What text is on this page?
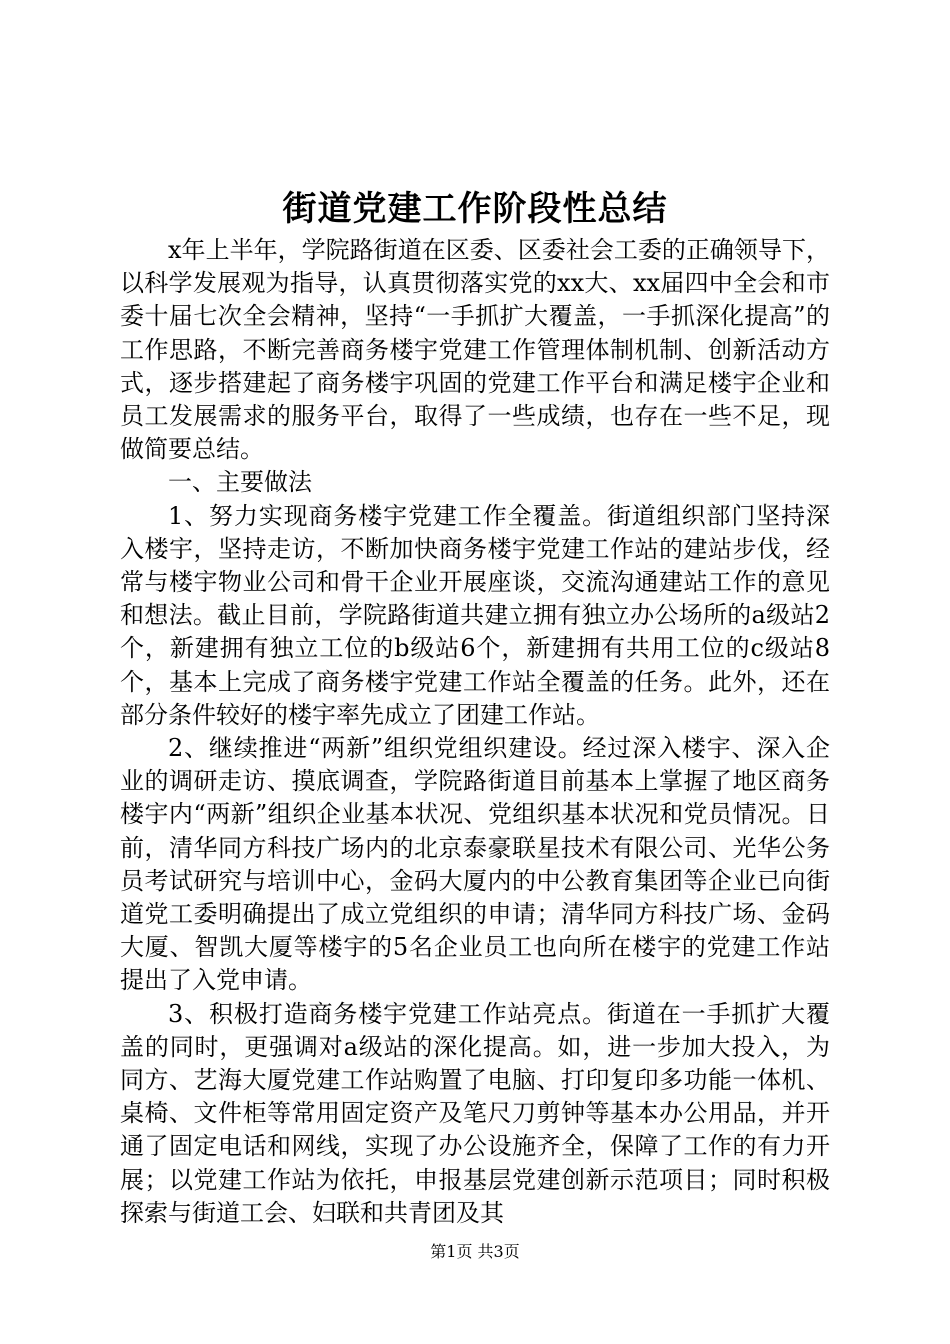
街道党建工作阶段性总结

x年上半年，学院路街道在区委、区委社会工委的正确领导下，以科学发展观为指导，认真贯彻落实党的xx大、xx届四中全会和市委十届七次全会精神，坚持“一手抓扩大覆盖，一手抓深化提高”的工作思路，不断完善商务楼宇党建工作管理体制机制、创新活动方式，逐步搭建起了商务楼宇巩固的党建工作平台和满足楼宇企业和员工发展需求的服务平台，取得了一些成绩，也存在一些不足，现做简要总结。

一、主要做法

1、努力实现商务楼宇党建工作全覆盖。街道组织部门坚持深入楼宇，坚持走访，不断加快商务楼宇党建工作站的建站步伐，经常与楼宇物业公司和骨干企业开展座谈，交流沟通建站工作的意见和想法。截止目前，学院路街道共建立拥有独立办公场所的a级站2个，新建拥有独立工位的b级站6个，新建拥有共用工位的c级站8个，基本上完成了商务楼宇党建工作站全覆盖的任务。此外，还在部分条件较好的楼宇率先成立了团建工作站。

2、继续推进“两新”组织党组织建设。经过深入楼宇、深入企业的调研走访、摸底调查，学院路街道目前基本上掌握了地区商务楼宇内“两新”组织企业基本状况、党组织基本状况和党员情况。日前，清华同方科技广场内的北京泰豪联星技术有限公司、光华公务员考试研究与培训中心，金码大厦内的中公教育集团等企业已向街道党工委明确提出了成立党组织的申请；清华同方科技广场、金码大厦、智凯大厦等楼宇的5名企业员工也向所在楼宇的党建工作站提出了入党申请。

3、积极打造商务楼宇党建工作站亮点。街道在一手抓扩大覆盖的同时，更强调对a级站的深化提高。如，进一步加大投入，为同方、艺海大厦党建工作站购置了电脑、打印复印多功能一体机、桌椅、文件柜等常用固定资产及笔尺刀剪钟等基本办公用品，并开通了固定电话和网线，实现了办公设施齐全，保障了工作的有力开展；以党建工作站为依托，申报基层党建创新示范项目；同时积极探索与街道工会、妇联和共青团及其

第1页 共3页
